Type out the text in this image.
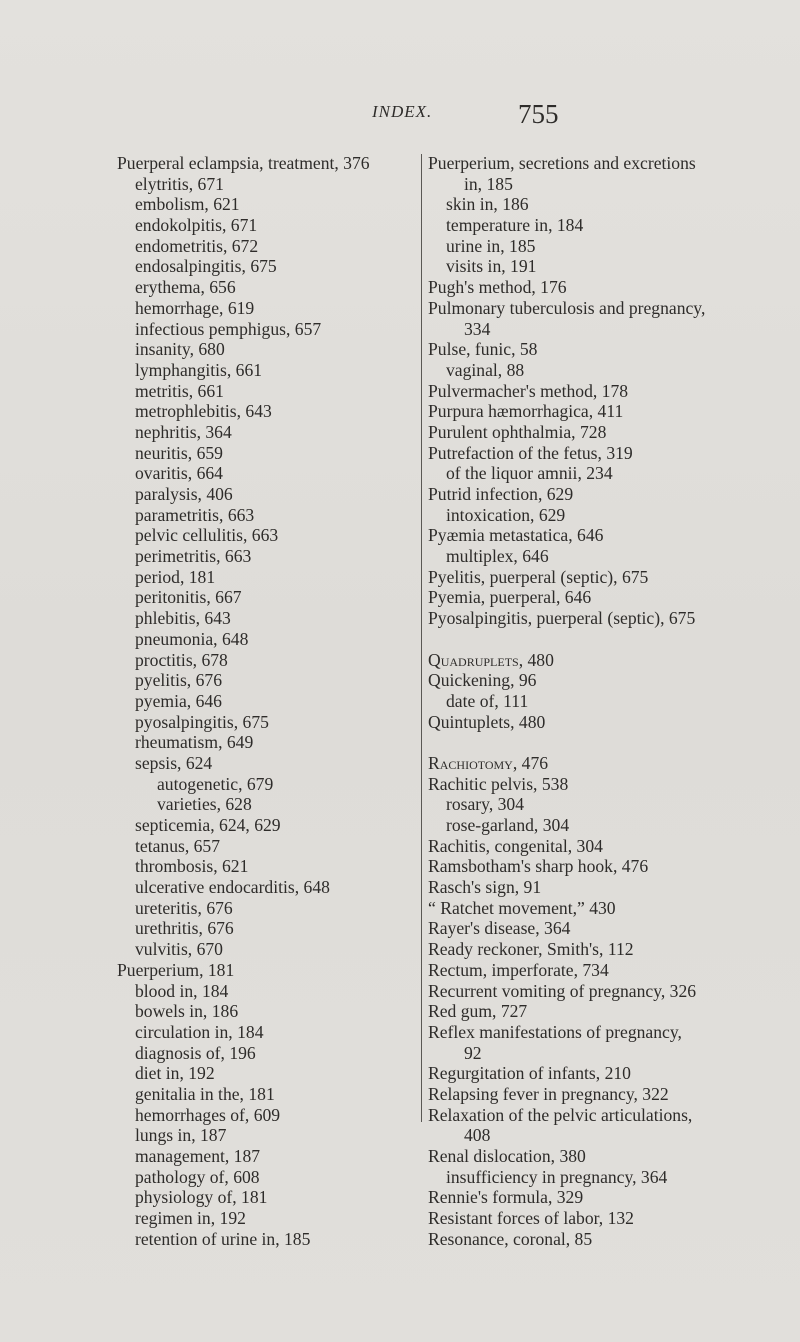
INDEX.	755
Puerperal eclampsia, treatment, 376
elytritis, 671
embolism, 621
endokolpitis, 671
endometritis, 672
endosalpingitis, 675
erythema, 656
hemorrhage, 619
infectious pemphigus, 657
insanity, 680
lymphangitis, 661
metritis, 661
metrophlebitis, 643
nephritis, 364
neuritis, 659
ovaritis, 664
paralysis, 406
parametritis, 663
pelvic cellulitis, 663
perimetritis, 663
period, 181
peritonitis, 667
phlebitis, 643
pneumonia, 648
proctitis, 678
pyelitis, 676
pyemia, 646
pyosalpingitis, 675
rheumatism, 649
sepsis, 624
autogenetic, 679
varieties, 628
septicemia, 624, 629
tetanus, 657
thrombosis, 621
ulcerative endocarditis, 648
ureteritis, 676
urethritis, 676
vulvitis, 670
Puerperium, 181
blood in, 184
bowels in, 186
circulation in, 184
diagnosis of, 196
diet in, 192
genitalia in the, 181
hemorrhages of, 609
lungs in, 187
management, 187
pathology of, 608
physiology of, 181
regimen in, 192
retention of urine in, 185
Puerperium, secretions and excretions
in, 185
skin in, 186
temperature in, 184
urine in, 185
visits in, 191
Pugh's method, 176
Pulmonary tuberculosis and pregnancy,
334
Pulse, funic, 58
vaginal, 88
Pulvermacher's method, 178
Purpura hæmorrhagica, 411
Purulent ophthalmia, 728
Putrefaction of the fetus, 319
of the liquor amnii, 234
Putrid infection, 629
intoxication, 629
Pyæmia metastatica, 646
multiplex, 646
Pyelitis, puerperal (septic), 675
Pyemia, puerperal, 646
Pyosalpingitis, puerperal (septic), 675
Quadruplets, 480
Quickening, 96
date of, 111
Quintuplets, 480
Rachiotomy, 476
Rachitic pelvis, 538
rosary, 304
rose-garland, 304
Rachitis, congenital, 304
Ramsbotham's sharp hook, 476
Rasch's sign, 91
“ Ratchet movement,” 430
Rayer's disease, 364
Ready reckoner, Smith's, 112
Rectum, imperforate, 734
Recurrent vomiting of pregnancy, 326
Red gum, 727
Reflex manifestations of pregnancy,
92
Regurgitation of infants, 210
Relapsing fever in pregnancy, 322
Relaxation of the pelvic articulations,
408
Renal dislocation, 380
insufficiency in pregnancy, 364
Rennie's formula, 329
Resistant forces of labor, 132
Resonance, coronal, 85
